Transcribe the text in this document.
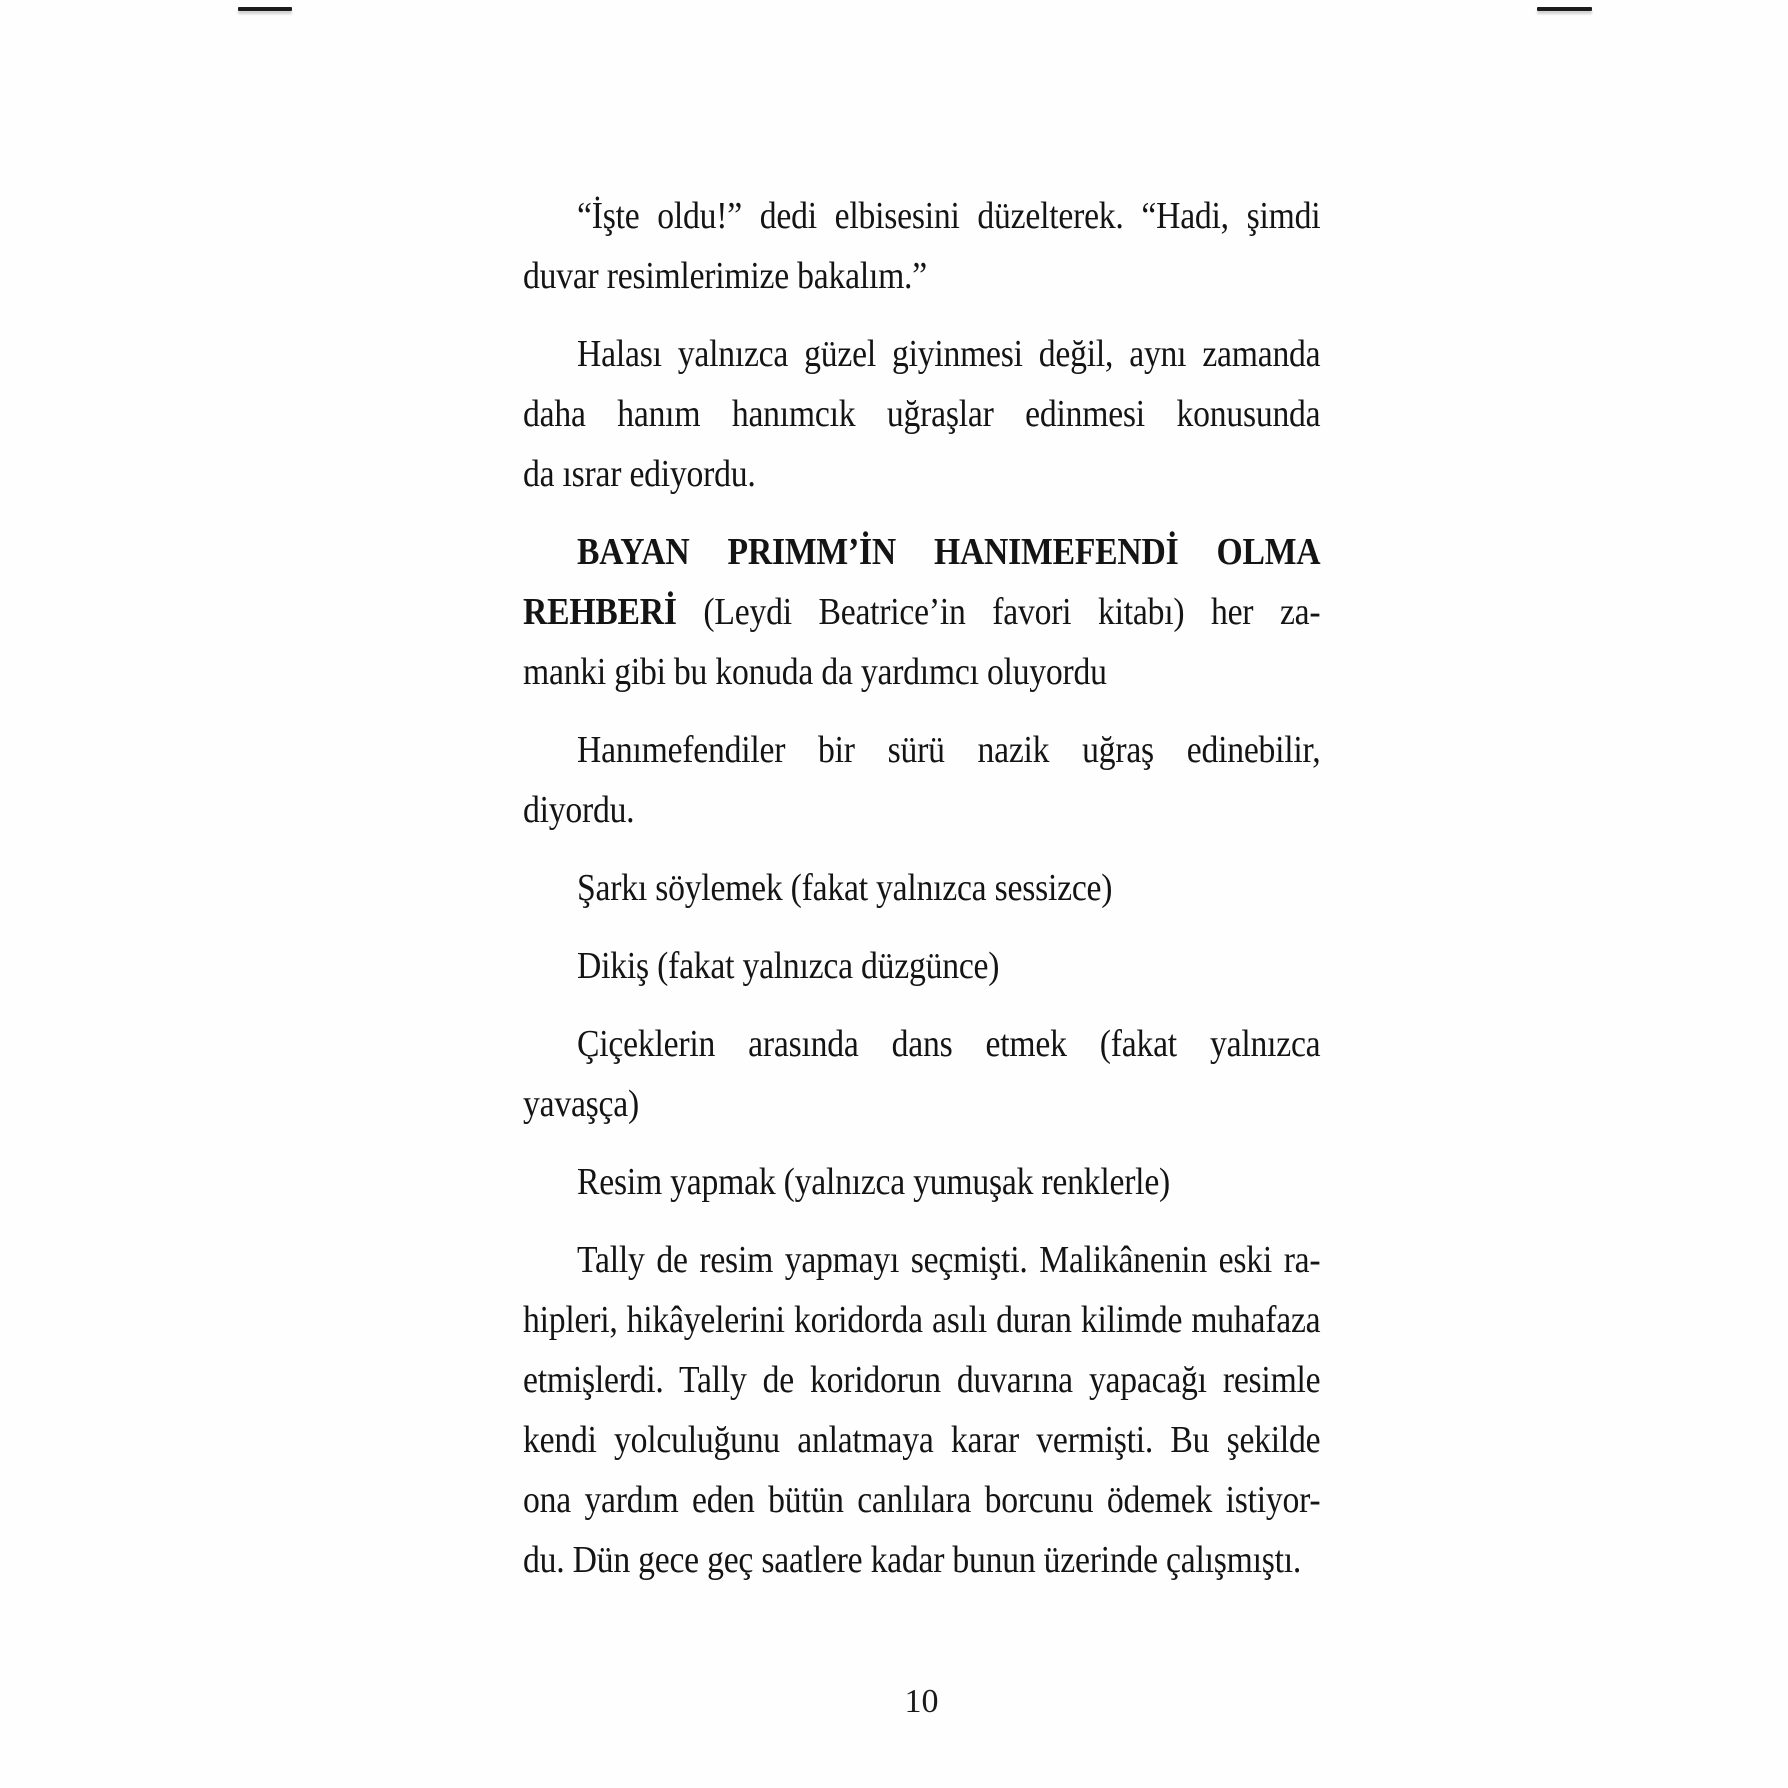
“İşte oldu!” dedi elbisesini düzelterek. “Hadi, şimdi
duvar resimlerimize bakalım.”
Halası yalnızca güzel giyinmesi değil, aynı zamanda
daha hanım hanımcık uğraşlar edinmesi konusunda
da ısrar ediyordu.
BAYAN PRIMM’İN HANIMEFENDİ OLMA
REHBERİ (Leydi Beatrice’in favori kitabı) her za-
manki gibi bu konuda da yardımcı oluyordu
Hanımefendiler bir sürü nazik uğraş edinebilir,
diyordu.
Şarkı söylemek (fakat yalnızca sessizce)
Dikiş (fakat yalnızca düzgünce)
Çiçeklerin arasında dans etmek (fakat yalnızca
yavaşça)
Resim yapmak (yalnızca yumuşak renklerle)
Tally de resim yapmayı seçmişti. Malikânenin eski ra-
hipleri, hikâyelerini koridorda asılı duran kilimde muhafaza
etmişlerdi. Tally de koridorun duvarına yapacağı resimle
kendi yolculuğunu anlatmaya karar vermişti. Bu şekilde
ona yardım eden bütün canlılara borcunu ödemek istiyor-
du. Dün gece geç saatlere kadar bunun üzerinde çalışmıştı.
10
